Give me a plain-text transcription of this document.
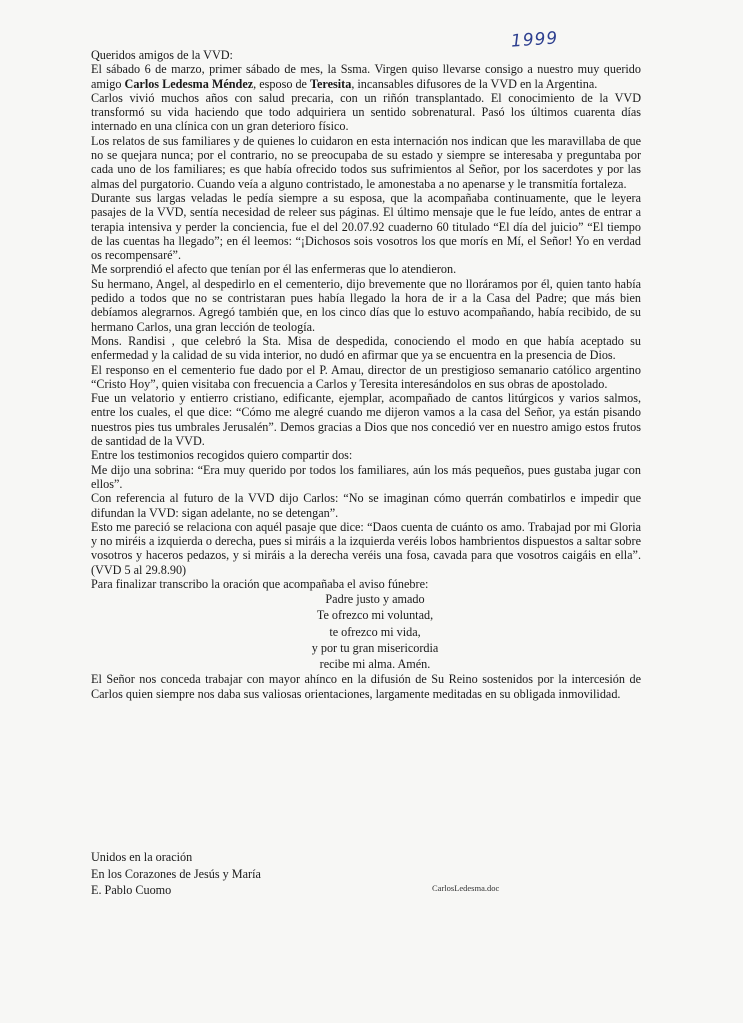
1999

Queridos amigos de la VVD:

El sábado 6 de marzo, primer sábado de mes, la Ssma. Virgen quiso llevarse consigo a nuestro muy querido amigo Carlos Ledesma Méndez, esposo de Teresita, incansables difusores de la VVD en la Argentina.

Carlos vivió muchos años con salud precaria, con un riñón transplantado. El conocimiento de la VVD transformó su vida haciendo que todo adquiriera un sentido sobrenatural. Pasó los últimos cuarenta días internado en una clínica con un gran deterioro físico.

Los relatos de sus familiares y de quienes lo cuidaron en esta internación nos indican que les maravillaba de que no se quejara nunca; por el contrario, no se preocupaba de su estado y siempre se interesaba y preguntaba por cada uno de los familiares; es que había ofrecido todos sus sufrimientos al Señor, por los sacerdotes y por las almas del purgatorio. Cuando veía a alguno contristado, le amonestaba a no apenarse y le transmitía fortaleza.

Durante sus largas veladas le pedía siempre a su esposa, que la acompañaba continuamente, que le leyera pasajes de la VVD, sentía necesidad de releer sus páginas. El último mensaje que le fue leído, antes de entrar a terapia intensiva y perder la conciencia, fue el del 20.07.92 cuaderno 60 titulado “El día del juicio” “El tiempo de las cuentas ha llegado”; en él leemos: “¡Dichosos sois vosotros los que morís en Mí, el Señor! Yo en verdad os recompensaré”.

Me sorprendió el afecto que tenían por él las enfermeras que lo atendieron.

Su hermano, Angel, al despedirlo en el cementerio, dijo brevemente que no lloráramos por él, quien tanto había pedido a todos que no se contristaran pues había llegado la hora de ir a la Casa del Padre; que más bien debíamos alegrarnos. Agregó también que, en los cinco días que lo estuvo acompañando, había recibido, de su hermano Carlos, una gran lección de teología.

Mons. Randisi , que celebró la Sta. Misa de despedida, conociendo el modo en que había aceptado su enfermedad y la calidad de su vida interior, no dudó en afirmar que ya se encuentra en la presencia de Dios.

El responso en el cementerio fue dado por el P. Amau, director de un prestigioso semanario católico argentino “Cristo Hoy”, quien visitaba con frecuencia a Carlos y Teresita interesándolos en sus obras de apostolado.

Fue un velatorio y entierro cristiano, edificante, ejemplar, acompañado de cantos litúrgicos y varios salmos, entre los cuales, el que dice: “Cómo me alegré cuando me dijeron vamos a la casa del Señor, ya están pisando nuestros pies tus umbrales Jerusalén”. Demos gracias a Dios que nos concedió ver en nuestro amigo estos frutos de santidad de la VVD.

Entre los testimonios recogidos quiero compartir dos:

Me dijo una sobrina: “Era muy querido por todos los familiares, aún los más pequeños, pues gustaba jugar con ellos”.

Con referencia al futuro de la VVD dijo Carlos: “No se imaginan cómo querrán combatirlos e impedir que difundan la VVD: sigan adelante, no se detengan”.

Esto me pareció se relaciona con aquél pasaje que dice: “Daos cuenta de cuánto os amo. Trabajad por mi Gloria y no miréis a izquierda o derecha, pues si miráis a la izquierda veréis lobos hambrientos dispuestos a saltar sobre vosotros y haceros pedazos, y si miráis a la derecha veréis una fosa, cavada para que vosotros caigáis en ella”. (VVD 5 al 29.8.90)

Para finalizar transcribo la oración que acompañaba el aviso fúnebre:

Padre justo y amado
Te ofrezco mi voluntad,
te ofrezco mi vida,
y por tu gran misericordia
recibe mi alma. Amén.

El Señor nos conceda trabajar con mayor ahínco en la difusión de Su Reino sostenidos por la intercesión de Carlos quien siempre nos daba sus valiosas orientaciones, largamente meditadas en su obligada inmovilidad.

Unidos en la oración
En los Corazones de Jesús y María
E. Pablo Cuomo	CarlosLedesma.doc
